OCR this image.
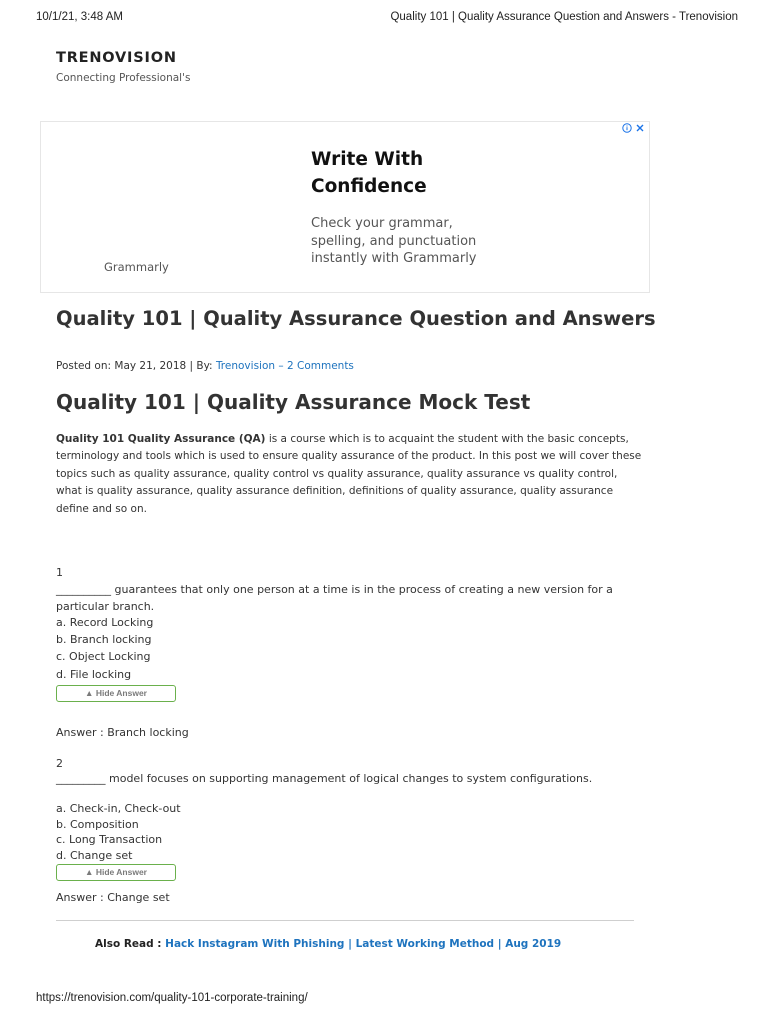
10/1/21, 3:48 AM	Quality 101 | Quality Assurance Question and Answers - Trenovision
TRENOVISION
Connecting Professional's

Write With
Confidence
Check your grammar,
spelling, and punctuation
instantly with Grammarly
Grammarly
Quality 101 | Quality Assurance Question and Answers
Posted on: May 21, 2018 | By: Trenovision – 2 Comments
Quality 101 | Quality Assurance Mock Test

Quality 101 Quality Assurance (QA) is a course which is to acquaint the student with the basic concepts, terminology and tools which is used to ensure quality assurance of the product. In this post we will cover these topics such as quality assurance, quality control vs quality assurance, quality assurance vs quality control, what is quality assurance, quality assurance definition, definitions of quality assurance, quality assurance define and so on.

1
__________ guarantees that only one person at a time is in the process of creating a new version for a particular branch.
a. Record Locking
b. Branch locking
c. Object Locking
d. File locking
▲ Hide Answer
Answer : Branch locking
2
_________ model focuses on supporting management of logical changes to system configurations.
a. Check-in, Check-out
b. Composition
c. Long Transaction
d. Change set
▲ Hide Answer
Answer : Change set
Also Read : Hack Instagram With Phishing | Latest Working Method | Aug 2019
https://trenovision.com/quality-101-corporate-training/
